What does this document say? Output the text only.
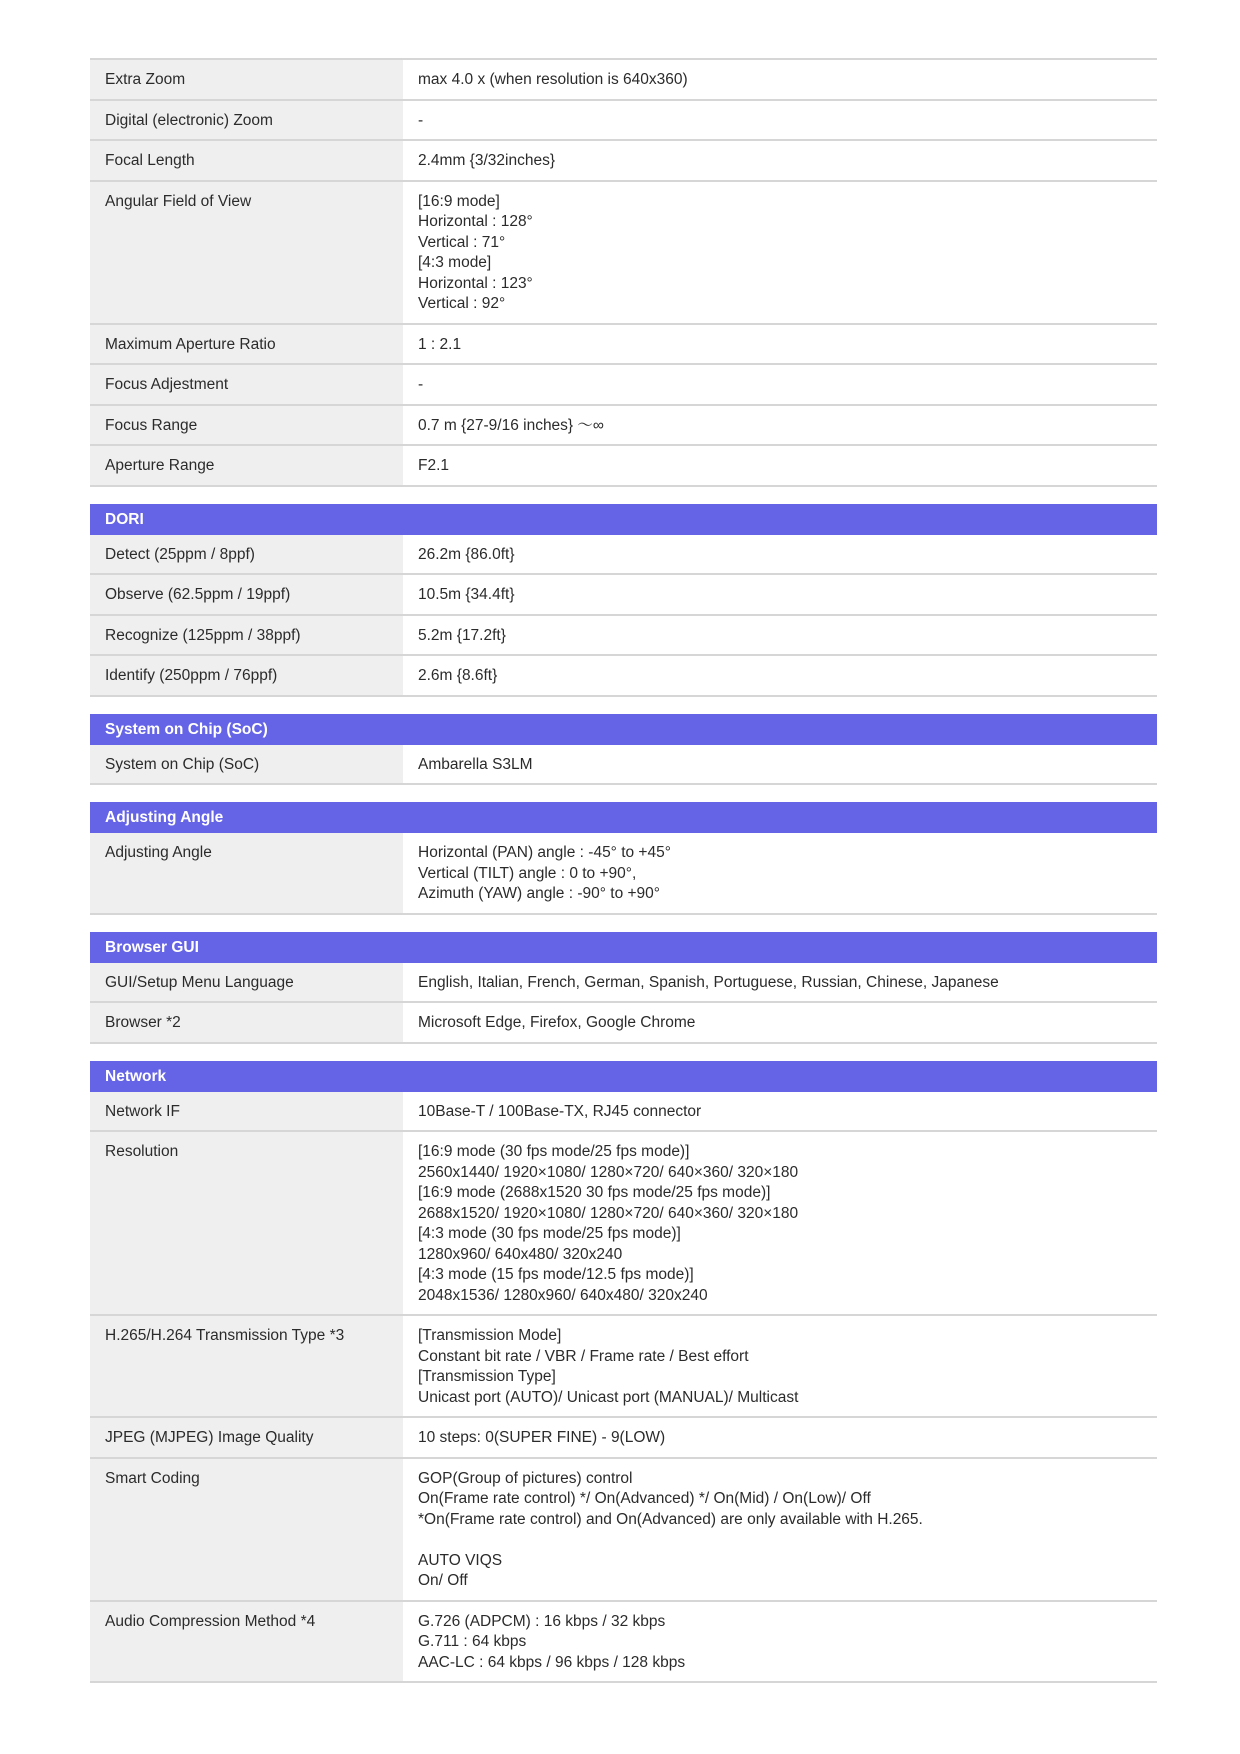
Extra Zoom	max 4.0 x (when resolution is 640x360)
Digital (electronic) Zoom	-
Focal Length	2.4mm {3/32inches}
Angular Field of View	[16:9 mode]
Horizontal : 128°
Vertical : 71°
[4:3 mode]
Horizontal : 123°
Vertical : 92°
Maximum Aperture Ratio	1 : 2.1
Focus Adjestment	-
Focus Range	0.7 m {27-9/16 inches} ～∞
Aperture Range	F2.1
DORI
Detect (25ppm / 8ppf)	26.2m {86.0ft}
Observe (62.5ppm / 19ppf)	10.5m {34.4ft}
Recognize (125ppm / 38ppf)	5.2m {17.2ft}
Identify (250ppm / 76ppf)	2.6m {8.6ft}
System on Chip (SoC)
System on Chip (SoC)	Ambarella S3LM
Adjusting Angle
Adjusting Angle	Horizontal (PAN) angle : -45° to +45°
Vertical (TILT) angle : 0 to +90°,
Azimuth (YAW) angle : -90° to +90°
Browser GUI
GUI/Setup Menu Language	English, Italian, French, German, Spanish, Portuguese, Russian, Chinese, Japanese
Browser *2	Microsoft Edge, Firefox, Google Chrome
Network
Network IF	10Base-T / 100Base-TX, RJ45 connector
Resolution	[16:9 mode (30 fps mode/25 fps mode)]
2560x1440/ 1920×1080/ 1280×720/ 640×360/ 320×180
[16:9 mode (2688x1520 30 fps mode/25 fps mode)]
2688x1520/ 1920×1080/ 1280×720/ 640×360/ 320×180
[4:3 mode (30 fps mode/25 fps mode)]
1280x960/ 640x480/ 320x240
[4:3 mode (15 fps mode/12.5 fps mode)]
2048x1536/ 1280x960/ 640x480/ 320x240
H.265/H.264 Transmission Type *3	[Transmission Mode]
Constant bit rate / VBR / Frame rate / Best effort
[Transmission Type]
Unicast port (AUTO)/ Unicast port (MANUAL)/ Multicast
JPEG (MJPEG) Image Quality	10 steps: 0(SUPER FINE) - 9(LOW)
Smart Coding	GOP(Group of pictures) control
On(Frame rate control) */ On(Advanced) */ On(Mid) / On(Low)/ Off
*On(Frame rate control) and On(Advanced) are only available with H.265.
AUTO VIQS
On/ Off
Audio Compression Method *4	G.726 (ADPCM) : 16 kbps / 32 kbps
G.711 : 64 kbps
AAC-LC : 64 kbps / 96 kbps / 128 kbps
